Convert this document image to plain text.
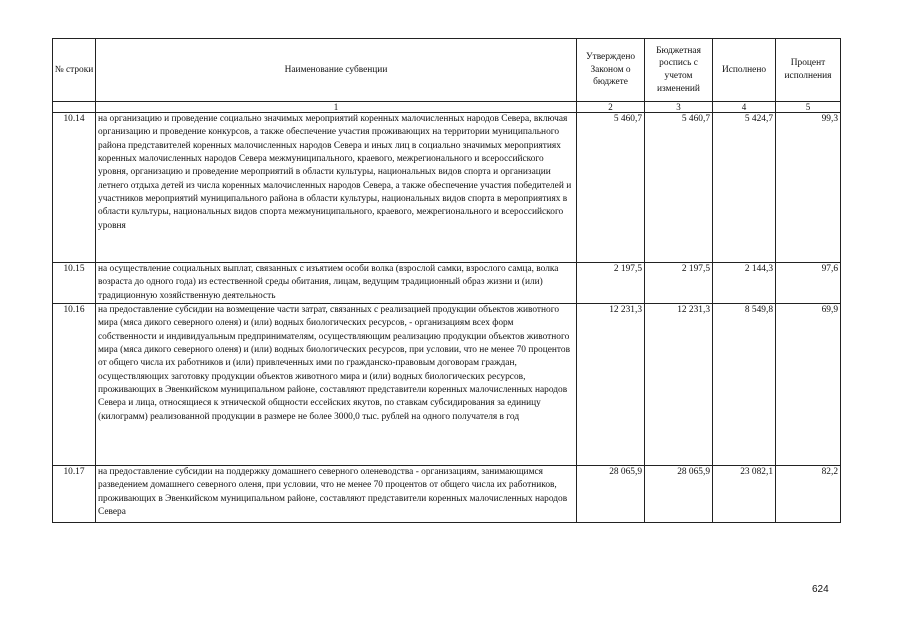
№ строки	Наименование субвенции	Утверждено Законом о бюджете	Бюджетная роспись с учетом изменений	Исполнено	Процент исполнения
	1	2	3	4	5
10.14	на организацию и проведение социально значимых мероприятий коренных малочисленных народов Севера, включая организацию и проведение конкурсов, а также обеспечение участия проживающих на территории муниципального района представителей коренных малочисленных народов Севера и иных лиц в социально значимых мероприятиях коренных малочисленных народов Севера межмуниципального, краевого, межрегионального и всероссийского уровня, организацию и проведение мероприятий в области культуры, национальных видов спорта и организации летнего отдыха детей из числа коренных малочисленных народов Севера, а также обеспечение участия победителей и участников мероприятий муниципального района в области культуры, национальных видов спорта в мероприятиях в области культуры, национальных видов спорта межмуниципального, краевого, межрегионального и всероссийского уровня	5 460,7	5 460,7	5 424,7	99,3
10.15	на осуществление социальных выплат, связанных с изъятием особи волка (взрослой самки, взрослого самца, волка возраста до одного года) из естественной среды обитания, лицам, ведущим традиционный образ жизни и (или) традиционную хозяйственную деятельность	2 197,5	2 197,5	2 144,3	97,6
10.16	на предоставление субсидии на возмещение части затрат, связанных с реализацией продукции объектов животного мира (мяса дикого северного оленя) и (или) водных биологических ресурсов, - организациям всех форм собственности и индивидуальным предпринимателям, осуществляющим реализацию продукции объектов животного мира (мяса дикого северного оленя) и (или) водных биологических ресурсов, при условии, что не менее 70 процентов от общего числа их работников и (или) привлеченных ими по гражданско-правовым договорам граждан, осуществляющих заготовку продукции объектов животного мира и (или) водных биологических ресурсов, проживающих в Эвенкийском муниципальном районе, составляют представители коренных малочисленных народов Севера и лица, относящиеся к этнической общности ессейских якутов, по ставкам субсидирования за единицу (килограмм) реализованной продукции в размере не более 3000,0 тыс. рублей на одного получателя в год	12 231,3	12 231,3	8 549,8	69,9
10.17	на предоставление субсидии на поддержку домашнего северного оленеводства - организациям, занимающимся разведением домашнего северного оленя, при условии, что не менее 70 процентов от общего числа их работников, проживающих в Эвенкийском муниципальном районе, составляют представители коренных малочисленных народов Севера	28 065,9	28 065,9	23 082,1	82,2
624
